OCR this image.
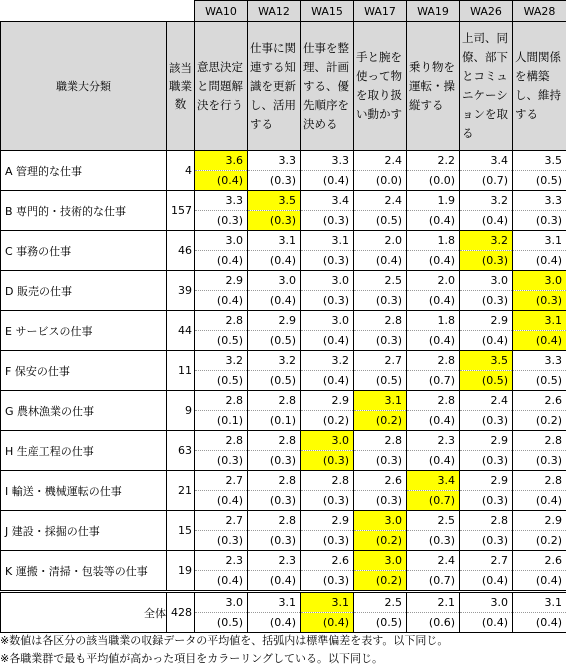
		WA10	WA12	WA15	WA17	WA19	WA26	WA28
職業大分類	該当職業数	意思決定と問題解決を行う	仕事に関連する知識を更新し、活用する	仕事を整理、計画する、優先順序を決める	手と腕を使って物を取り扱い動かす	乗り物を運転・操縦する	上司、同僚、部下とコミュニケーションを取る	人間関係を構築し、維持する
A 管理的な仕事	4	3.6	3.3	3.3	2.4	2.2	3.4	3.5
		(0.4)	(0.3)	(0.4)	(0.0)	(0.0)	(0.7)	(0.5)
B 専門的・技術的な仕事	157	3.3	3.5	3.4	2.4	1.9	3.2	3.3
		(0.3)	(0.3)	(0.3)	(0.5)	(0.4)	(0.4)	(0.3)
C 事務の仕事	46	3.0	3.1	3.1	2.0	1.8	3.2	3.1
		(0.4)	(0.4)	(0.3)	(0.4)	(0.4)	(0.3)	(0.4)
D 販売の仕事	39	2.9	3.0	3.0	2.5	2.0	3.0	3.0
		(0.4)	(0.4)	(0.3)	(0.3)	(0.4)	(0.3)	(0.3)
E サービスの仕事	44	2.8	2.9	3.0	2.8	1.8	2.9	3.1
		(0.5)	(0.5)	(0.4)	(0.3)	(0.4)	(0.4)	(0.4)
F 保安の仕事	11	3.2	3.2	3.2	2.7	2.8	3.5	3.3
		(0.5)	(0.5)	(0.4)	(0.5)	(0.7)	(0.5)	(0.5)
G 農林漁業の仕事	9	2.8	2.8	2.9	3.1	2.8	2.4	2.6
		(0.1)	(0.1)	(0.2)	(0.2)	(0.4)	(0.3)	(0.2)
H 生産工程の仕事	63	2.8	2.8	3.0	2.8	2.3	2.9	2.8
		(0.3)	(0.3)	(0.3)	(0.3)	(0.4)	(0.3)	(0.3)
I 輸送・機械運転の仕事	21	2.7	2.8	2.8	2.6	3.4	2.9	2.8
		(0.4)	(0.3)	(0.3)	(0.3)	(0.7)	(0.3)	(0.4)
J 建設・採掘の仕事	15	2.7	2.8	2.9	3.0	2.5	2.8	2.9
		(0.3)	(0.3)	(0.3)	(0.2)	(0.3)	(0.3)	(0.2)
K 運搬・清掃・包装等の仕事	19	2.3	2.3	2.6	3.0	2.4	2.7	2.6
		(0.4)	(0.4)	(0.3)	(0.2)	(0.7)	(0.4)	(0.4)
全体	428	3.0	3.1	3.1	2.5	2.1	3.0	3.1
		(0.5)	(0.4)	(0.4)	(0.5)	(0.6)	(0.4)	(0.4)
※数値は各区分の該当職業の収録データの平均値を、括弧内は標準偏差を表す。以下同じ。
※各職業群で最も平均値が高かった項目をカラーリングしている。以下同じ。
